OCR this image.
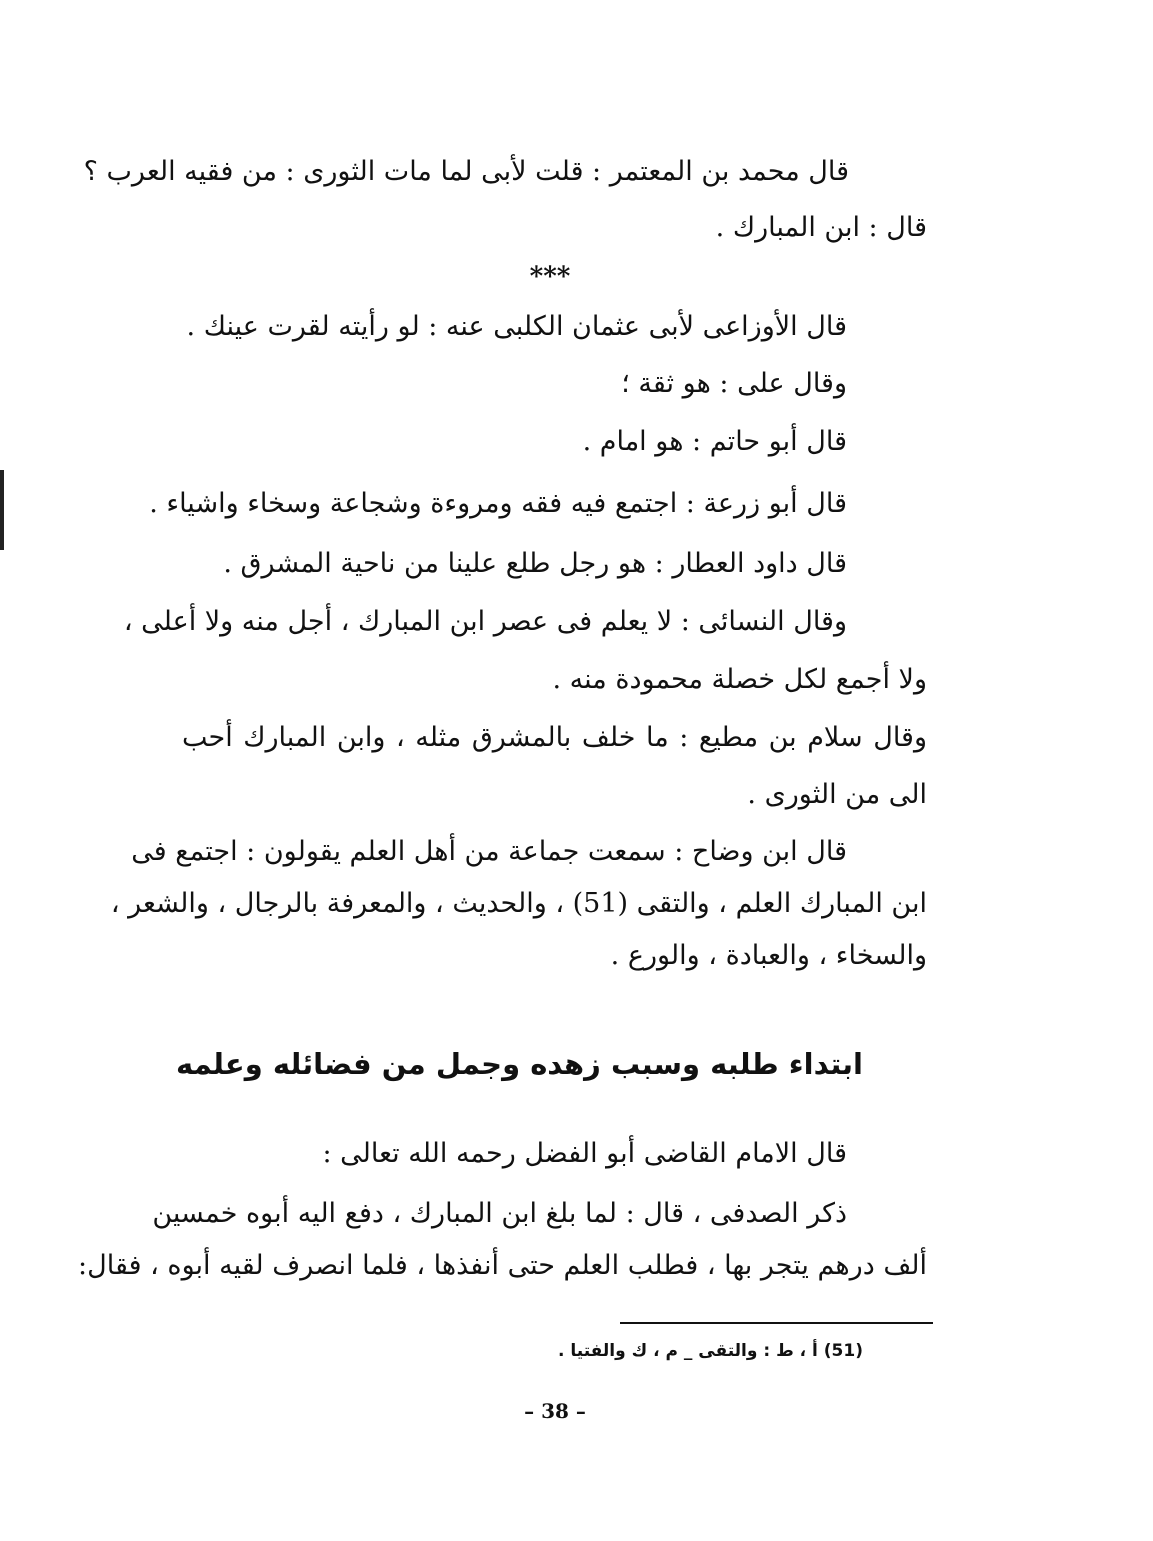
قال محمد بن المعتمر : قلت لأبى لما مات الثورى : من فقيه العرب ؟
قال : ابن المبارك .
***
قال الأوزاعى لأبى عثمان الكلبى عنه : لو رأيته لقرت عينك .
وقال على : هو ثقة ؛
قال أبو حاتم : هو امام .
قال أبو زرعة : اجتمع فيه فقه ومروءة وشجاعة وسخاء واشياء .
قال داود العطار : هو رجل طلع علينا من ناحية المشرق .
وقال النسائى : لا يعلم فى عصر ابن المبارك ، أجل منه ولا أعلى ،
ولا أجمع لكل خصلة محمودة منه .
وقال سلام بن مطيع : ما خلف بالمشرق مثله ، وابن المبارك أحب
الى من الثورى .
قال ابن وضاح : سمعت جماعة من أهل العلم يقولون : اجتمع فى
ابن المبارك العلم ، والتقى (51) ، والحديث ، والمعرفة بالرجال ، والشعر ،
والسخاء ، والعبادة ، والورع .
ابتداء طلبه وسبب زهده وجمل من فضائله وعلمه
قال الامام القاضى أبو الفضل رحمه الله تعالى :
ذكر الصدفى ، قال : لما بلغ ابن المبارك ، دفع اليه أبوه خمسين
ألف درهم يتجر بها ، فطلب العلم حتى أنفذها ، فلما انصرف لقيه أبوه ، فقال:
(51) أ ، ط : والتقى _ م ، ك والفتيا .
– 38 –
